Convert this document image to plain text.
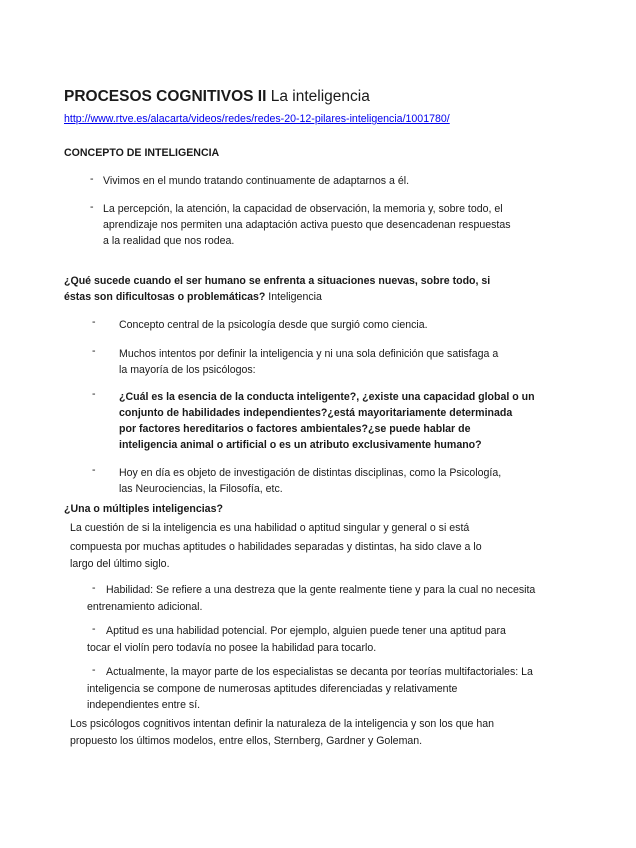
PROCESOS COGNITIVOS II La inteligencia
http://www.rtve.es/alacarta/videos/redes/redes-20-12-pilares-inteligencia/1001780/
CONCEPTO DE INTELIGENCIA
- Vivimos en el mundo tratando continuamente de adaptarnos a él.
- La percepción, la atención, la capacidad de observación, la memoria y, sobre todo, el
aprendizaje nos permiten una adaptación activa puesto que desencadenan respuestas
a la realidad que nos rodea.
¿Qué sucede cuando el ser humano se enfrenta a situaciones nuevas, sobre todo, si
éstas son dificultosas o problemáticas? Inteligencia
- Concepto central de la psicología desde que surgió como ciencia.
- Muchos intentos por definir la inteligencia y ni una sola definición que satisfaga a
la mayoría de los psicólogos:
- ¿Cuál es la esencia de la conducta inteligente?, ¿existe una capacidad global o un
conjunto de habilidades independientes?¿está mayoritariamente determinada
por factores hereditarios o factores ambientales?¿se puede hablar de
inteligencia animal o artificial o es un atributo exclusivamente humano?
- Hoy en día es objeto de investigación de distintas disciplinas, como la Psicología,
las Neurociencias, la Filosofía, etc.
¿Una o múltiples inteligencias?
La cuestión de si la inteligencia es una habilidad o aptitud singular y general o si está
compuesta por muchas aptitudes o habilidades separadas y distintas, ha sido clave a lo
largo del último siglo.
- Habilidad: Se refiere a una destreza que la gente realmente tiene y para la cual no necesita
entrenamiento adicional.
- Aptitud es una habilidad potencial. Por ejemplo, alguien puede tener una aptitud para
tocar el violín pero todavía no posee la habilidad para tocarlo.
- Actualmente, la mayor parte de los especialistas se decanta por teorías multifactoriales: La
inteligencia se compone de numerosas aptitudes diferenciadas y relativamente
independientes entre sí.
Los psicólogos cognitivos intentan definir la naturaleza de la inteligencia y son los que han
propuesto los últimos modelos, entre ellos, Sternberg, Gardner y Goleman.
